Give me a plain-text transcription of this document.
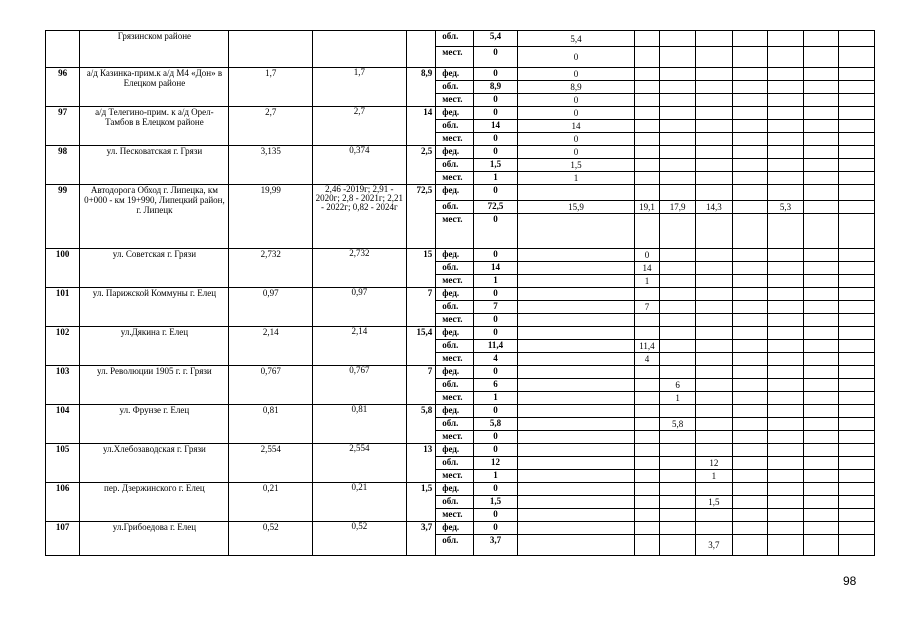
	Грязинском районе				обл.	5,4	5,4							
					мест.	0	0							
96	а/д Казинка-прим.к а/д М4 «Дон» в Елецком районе	1,7	1,7	8,9	фед.	0	0							
					обл.	8,9	8,9							
					мест.	0	0							
97	а/д Телегино-прим. к а/д Орел-Тамбов в Елецком районе	2,7	2,7	14	фед.	0	0							
					обл.	14	14							
					мест.	0	0							
98	ул. Песковатская г. Грязи	3,135	0,374	2,5	фед.	0	0							
					обл.	1,5	1,5							
					мест.	1	1							
99	Автодорога Обход г. Липецка, км 0+000 - км 19+990, Липецкий район, г. Липецк	19,99	2,46 -2019г; 2,91 - 2020г; 2,8 - 2021г; 2,21 - 2022г; 0,82 - 2024г	72,5	фед.	0								
					обл.	72,5	15,9	19,1	17,9	14,3		5,3		
					мест.	0								
100	ул. Советская г. Грязи	2,732	2,732	15	фед.	0		0						
					обл.	14		14						
					мест.	1		1						
101	ул. Парижской Коммуны г. Елец	0,97	0,97	7	фед.	0								
					обл.	7		7						
					мест.	0								
102	ул.Дякина г. Елец	2,14	2,14	15,4	фед.	0								
					обл.	11,4		11,4						
					мест.	4		4						
103	ул. Революции 1905 г. г. Грязи	0,767	0,767	7	фед.	0								
					обл.	6			6					
					мест.	1			1					
104	ул. Фрунзе г. Елец	0,81	0,81	5,8	фед.	0								
					обл.	5,8			5,8					
					мест.	0								
105	ул.Хлебозаводская г. Грязи	2,554	2,554	13	фед.	0								
					обл.	12				12				
					мест.	1				1				
106	пер. Дзержинского г. Елец	0,21	0,21	1,5	фед.	0								
					обл.	1,5				1,5				
					мест.	0								
107	ул.Грибоедова г. Елец	0,52	0,52	3,7	фед.	0								
					обл.	3,7				3,7				
98
